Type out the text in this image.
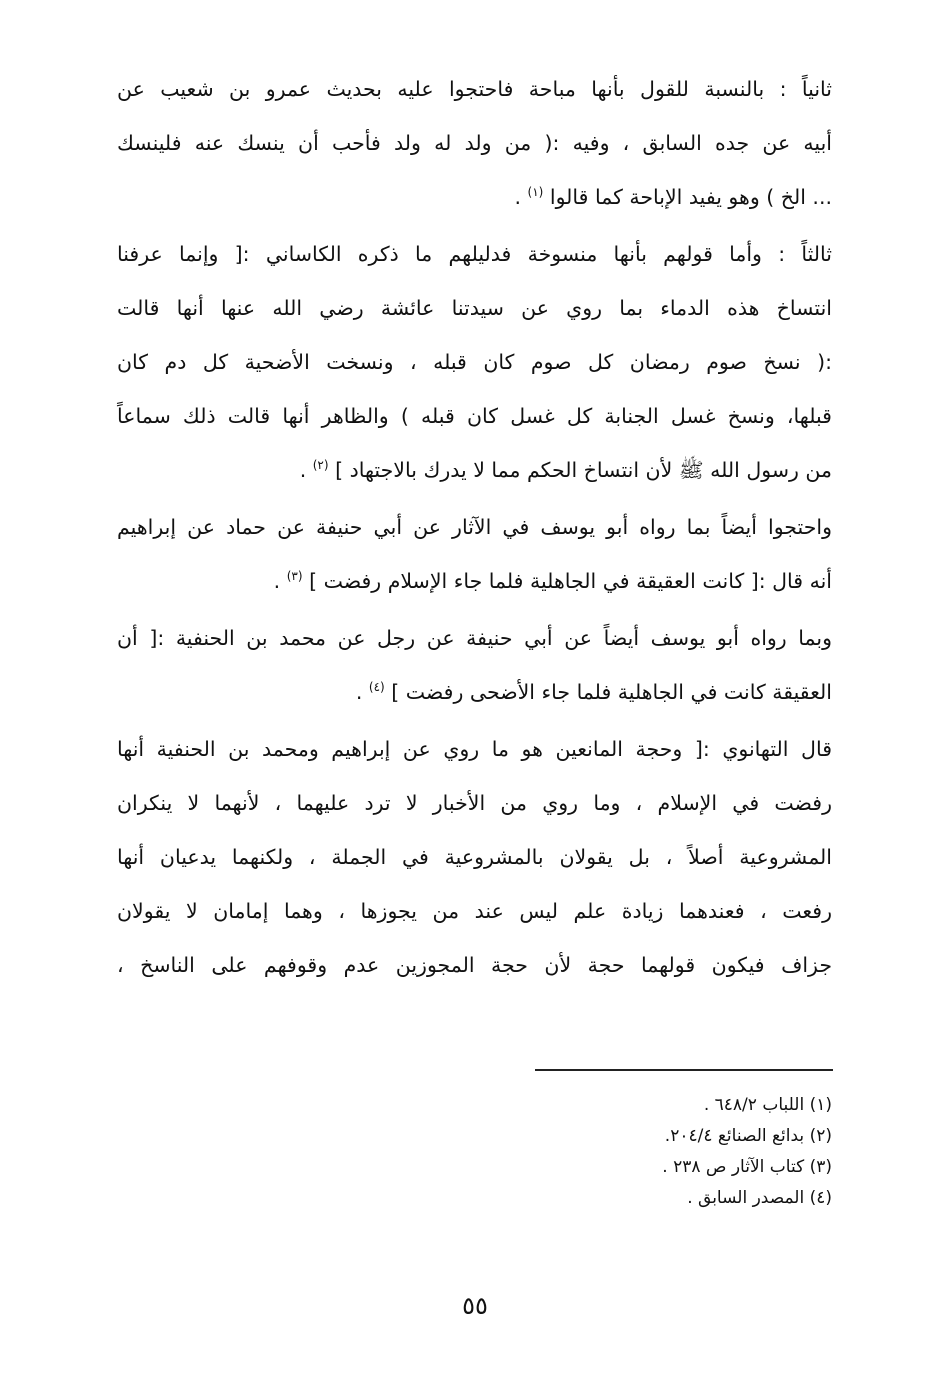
ثانياً : بالنسبة للقول بأنها مباحة فاحتجوا عليه بحديث عمرو بن شعيب عن
أبيه عن جده السابق ، وفيه :( من ولد له ولد فأحب أن ينسك عنه فلينسك
... الخ ) وهو يفيد الإباحة كما قالوا $^{(١)}$ .
ثالثاً : وأما قولهم بأنها منسوخة فدليلهم ما ذكره الكاساني :[ وإنما عرفنا
انتساخ هذه الدماء بما روي عن سيدتنا عائشة رضي الله عنها أنها قالت
:( نسخ صوم رمضان كل صوم كان قبله ، ونسخت الأضحية كل دم كان
قبلها، ونسخ غسل الجنابة كل غسل كان قبله ) والظاهر أنها قالت ذلك سماعاً
من رسول الله ﷺ لأن انتساخ الحكم مما لا يدرك بالاجتهاد ] $^{(٢)}$ .
واحتجوا أيضاً بما رواه أبو يوسف في الآثار عن أبي حنيفة عن حماد عن إبراهيم
أنه قال :[ كانت العقيقة في الجاهلية فلما جاء الإسلام رفضت ] $^{(٣)}$ .
وبما رواه أبو يوسف أيضاً عن أبي حنيفة عن رجل عن محمد بن الحنفية :[ أن
العقيقة كانت في الجاهلية فلما جاء الأضحى رفضت ] $^{(٤)}$ .
قال التهانوي :[ وحجة المانعين هو ما روي عن إبراهيم ومحمد بن الحنفية أنها
رفضت في الإسلام ، وما روي من الأخبار لا ترد عليهما ، لأنهما لا ينكران
المشروعية أصلاً ، بل يقولان بالمشروعية في الجملة ، ولكنهما يدعيان أنها
رفعت ، فعندهما زيادة علم ليس عند من يجوزها ، وهما إمامان لا يقولان
جزاف فيكون قولهما حجة لأن حجة المجوزين عدم وقوفهم على الناسخ ،
(١) اللباب ٦٤٨/٢ .
(٢) بدائع الصنائع ٢٠٤/٤.
(٣) كتاب الآثار ص ٢٣٨ .
(٤) المصدر السابق .
٥٥
